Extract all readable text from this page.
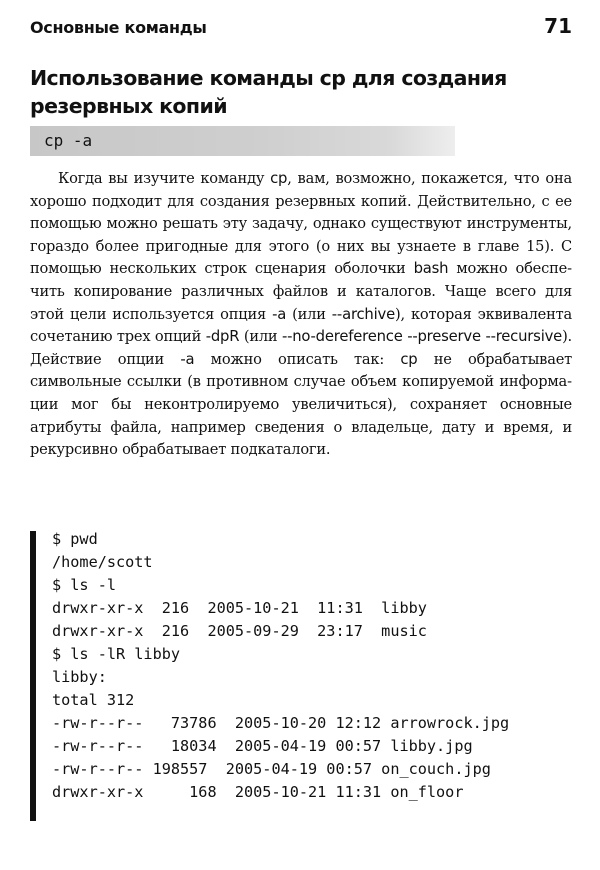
Основные команды	71
Использование команды cp для создания резервных копий
cp -a

Когда вы изучите команду cp, вам, возможно, покажется, что она хорошо подходит для создания резервных копий. Действительно, с ее помощью можно решать эту задачу, однако существуют инструменты, гораздо более пригодные для этого (о них вы узнаете в главе 15). С помощью нескольких строк сценария оболочки bash можно обеспечить копирование различных файлов и каталогов. Чаще всего для этой цели используется опция -a (или --archive), которая эквивалента сочетанию трех опций -dpR (или --no-dereference --preserve --recursive). Действие опции -a можно описать так: cp не обрабатывает символьные ссылки (в противном случае объем копируемой информации мог бы неконтролируемо увеличиться), сохраняет основные атрибуты файла, например сведения о владельце, дату и время, и рекурсивно обрабатывает подкаталоги.

$ pwd
/home/scott
$ ls -l
drwxr-xr-x  216  2005-10-21  11:31  libby
drwxr-xr-x  216  2005-09-29  23:17  music
$ ls -lR libby
libby:
total 312
-rw-r--r--   73786  2005-10-20 12:12 arrowrock.jpg
-rw-r--r--   18034  2005-04-19 00:57 libby.jpg
-rw-r--r-- 198557  2005-04-19 00:57 on_couch.jpg
drwxr-xr-x     168  2005-10-21 11:31 on_floor
